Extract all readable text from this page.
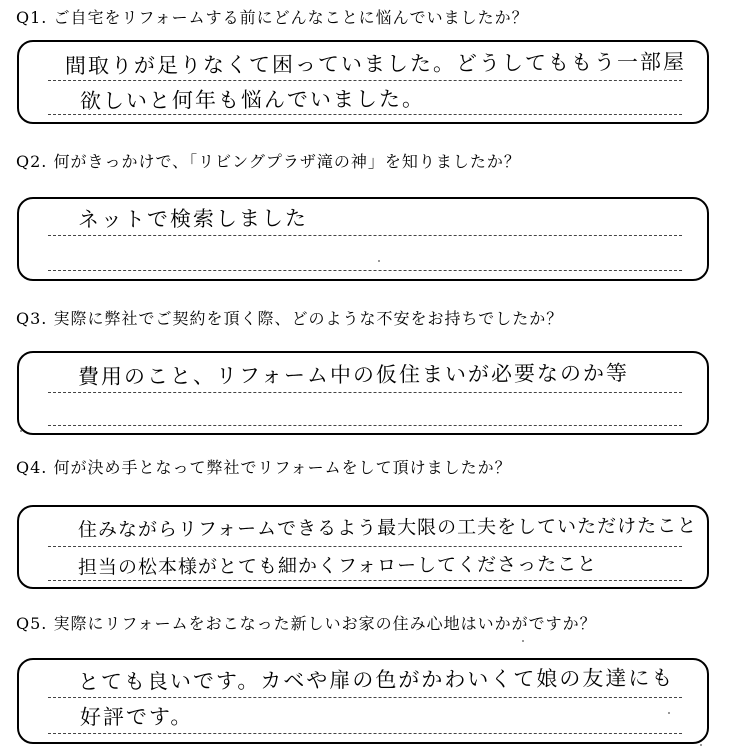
Q1. ご自宅をリフォームする前にどんなことに悩んでいましたか？
間取りが足りなくて困っていました。どうしてももう一部屋
欲しいと何年も悩んでいました。
Q2. 何がきっかけで、「リビングプラザ滝の神」を知りましたか？
ネットで検索しました
Q3. 実際に弊社でご契約を頂く際、どのような不安をお持ちでしたか？
費用のこと、リフォーム中の仮住まいが必要なのか等
Q4. 何が決め手となって弊社でリフォームをして頂けましたか？
住みながらリフォームできるよう最大限の工夫をしていただけたこと
担当の松本様がとても細かくフォローしてくださったこと
Q5. 実際にリフォームをおこなった新しいお家の住み心地はいかがですか？
とても良いです。カベや扉の色がかわいくて娘の友達にも
好評です。
